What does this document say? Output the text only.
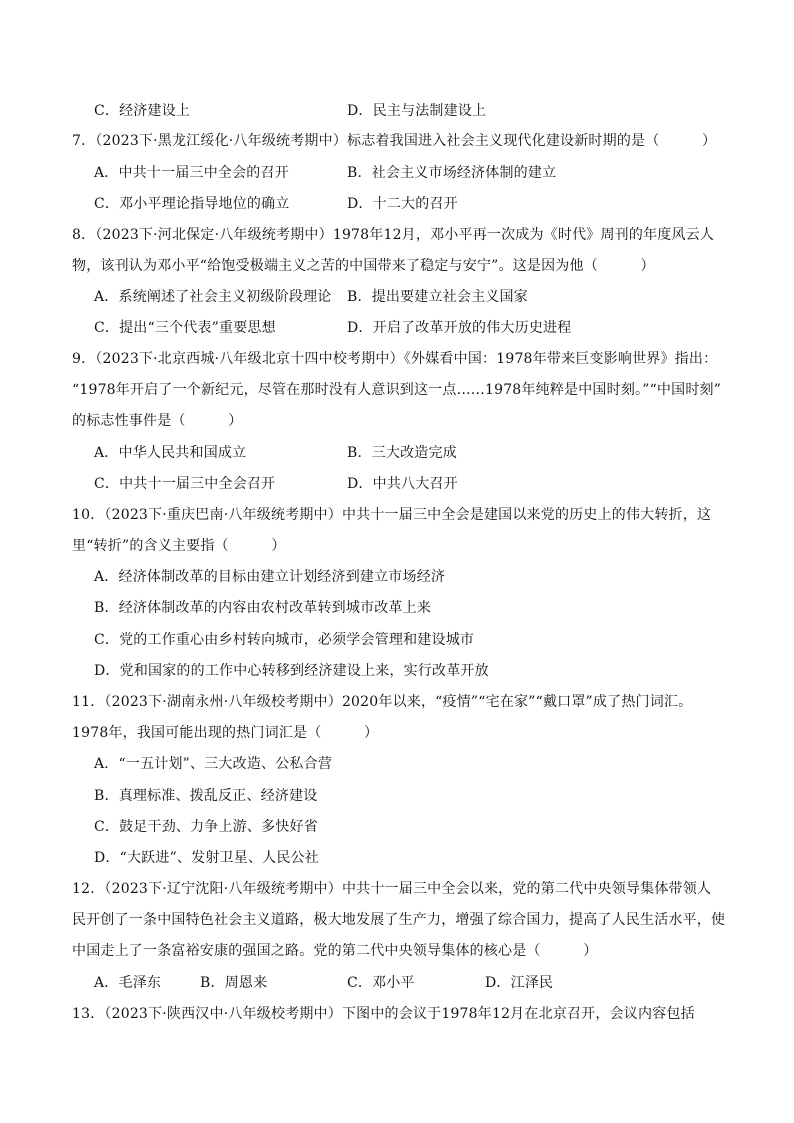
C．经济建设上	D．民主与法制建设上
7．（2023下·黑龙江绥化·八年级统考期中）标志着我国进入社会主义现代化建设新时期的是（　　　）
A．中共十一届三中全会的召开	B．社会主义市场经济体制的建立
C．邓小平理论指导地位的确立	D．十二大的召开
8．（2023下·河北保定·八年级统考期中）1978年12月，邓小平再一次成为《时代》周刊的年度风云人
物，该刊认为邓小平“给饱受极端主义之苦的中国带来了稳定与安宁”。这是因为他（　　　）
A．系统阐述了社会主义初级阶段理论 B．提出要建立社会主义国家
C．提出“三个代表”重要思想	D．开启了改革开放的伟大历史进程
9．（2023下·北京西城·八年级北京十四中校考期中）《外媒看中国：1978年带来巨变影响世界》指出：
“1978年开启了一个新纪元，尽管在那时没有人意识到这一点……1978年纯粹是中国时刻。”“中国时刻”
的标志性事件是（　　　）
A．中华人民共和国成立	B．三大改造完成
C．中共十一届三中全会召开	D．中共八大召开
10．（2023下·重庆巴南·八年级统考期中）中共十一届三中全会是建国以来党的历史上的伟大转折，这
里“转折”的含义主要指（　　　）
A．经济体制改革的目标由建立计划经济到建立市场经济
B．经济体制改革的内容由农村改革转到城市改革上来
C．党的工作重心由乡村转向城市，必须学会管理和建设城市
D．党和国家的的工作中心转移到经济建设上来，实行改革开放
11．（2023下·湖南永州·八年级校考期中）2020年以来，“疫情”“宅在家”“戴口罩”成了热门词汇。
1978年，我国可能出现的热门词汇是（　　　）
A．“一五计划”、三大改造、公私合营
B．真理标准、拨乱反正、经济建设
C．鼓足干劲、力争上游、多快好省
D．“大跃进”、发射卫星、人民公社
12．（2023下·辽宁沈阳·八年级统考期中）中共十一届三中全会以来，党的第二代中央领导集体带领人
民开创了一条中国特色社会主义道路，极大地发展了生产力，增强了综合国力，提高了人民生活水平，使
中国走上了一条富裕安康的强国之路。党的第二代中央领导集体的核心是（　　　）
A．毛泽东	B．周恩来	C．邓小平	D．江泽民
13．（2023下·陕西汉中·八年级校考期中）下图中的会议于1978年12月在北京召开，会议内容包括
